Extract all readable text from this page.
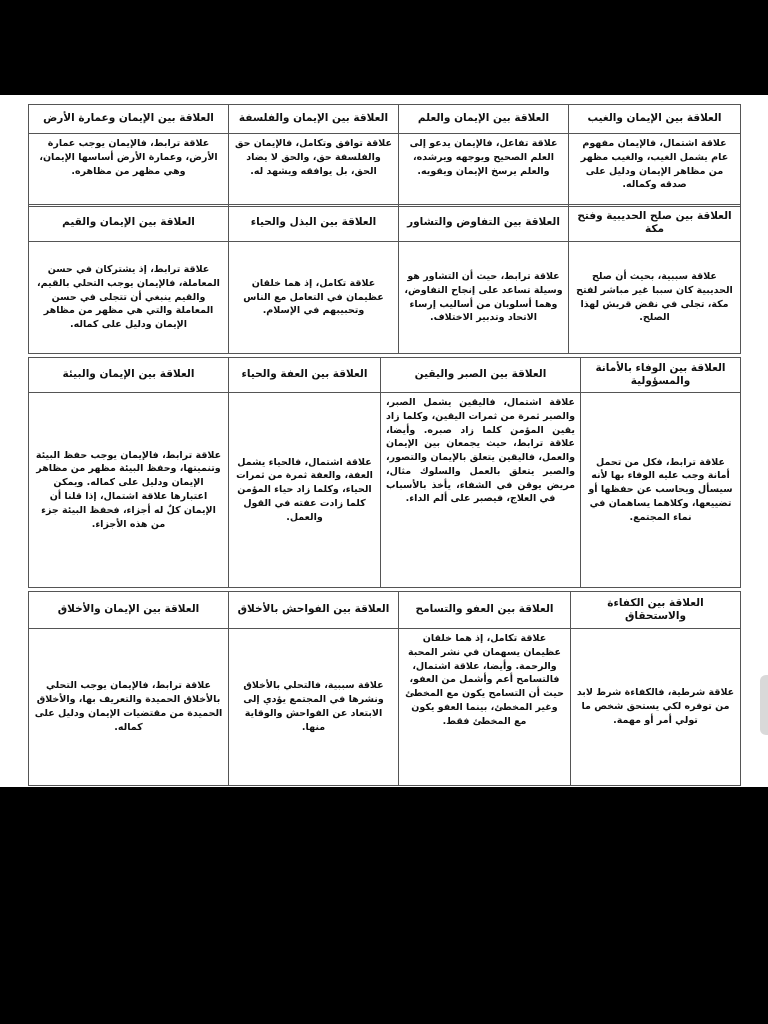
العلاقة بين الإيمان والغيب	العلاقة بين الإيمان والعلم	العلاقة بين الإيمان والفلسفة	العلاقة بين الإيمان وعمارة الأرض
علاقة اشتمال، فالإيمان مفهوم عام يشمل الغيب، والغيب مظهر من مظاهر الإيمان ودليل على صدقه وكماله.	علاقة تفاعل، فالإيمان يدعو إلى العلم الصحيح ويوجهه ويرشده، والعلم يرسخ الإيمان ويقويه.	علاقة توافق وتكامل، فالإيمان حق والفلسفة حق، والحق لا يضاد الحق، بل يوافقه ويشهد له.	علاقة ترابط، فالإيمان يوجب عمارة الأرض، وعمارة الأرض أساسها الإيمان، وهي مظهر من مظاهره.
العلاقة بين صلح الحديبية وفتح مكة	العلاقة بين التفاوض والتشاور	العلاقة بين البذل والحياء	العلاقة بين الإيمان والقيم
علاقة سببية، بحيث أن صلح الحديبية كان سببا غير مباشر لفتح مكة، تجلى في نقض قريش لهذا الصلح.	علاقة ترابط، حيث أن التشاور هو وسيلة تساعد على إنجاح التفاوض، وهما أسلوبان من أساليب إرساء الاتحاد وتدبير الاختلاف.	علاقة تكامل، إذ هما خلقان عظيمان في التعامل مع الناس وتحبيبهم في الإسلام.	علاقة ترابط، إذ يشتركان في حسن المعاملة، فالإيمان يوجب التحلي بالقيم، والقيم ينبغي أن تتجلى في حسن المعاملة والتي هي مظهر من مظاهر الإيمان ودليل على كماله.
العلاقة بين الوفاء بالأمانة والمسؤولية	العلاقة بين الصبر واليقين	العلاقة بين العفة والحياء	العلاقة بين الإيمان والبيئة
علاقة ترابط، فكل من تحمل أمانة وجب عليه الوفاء بها لأنه سيسأل ويحاسب عن حفظها أو تضييعها، وكلاهما يساهمان في نماء المجتمع.	علاقة اشتمال، فاليقين يشمل الصبر، والصبر ثمرة من ثمرات اليقين، وكلما زاد يقين المؤمن كلما زاد صبره. وأيضا، علاقة ترابط، حيث يجمعان بين الإيمان والعمل، فاليقين يتعلق بالإيمان والتصور، والصبر يتعلق بالعمل والسلوك مثال، مريض يوقن في الشفاء، يأخذ بالأسباب في العلاج، فيصبر على ألم الداء.	علاقة اشتمال، فالحياء يشمل العفة، والعفة ثمرة من ثمرات الحياء، وكلما زاد حياء المؤمن كلما زادت عفته في القول والعمل.	علاقة ترابط، فالإيمان يوجب حفظ البيئة وتنميتها، وحفظ البيئة مظهر من مظاهر الإيمان ودليل على كماله. ويمكن اعتبارها علاقة اشتمال، إذا قلنا أن الإيمان كلٌ له أجزاء، فحفظ البيئة جزء من هذه الأجزاء.
العلاقة بين الكفاءة والاستحقاق	العلاقة بين العفو والتسامح	العلاقة بين الفواحش بالأخلاق	العلاقة بين الإيمان والأخلاق
علاقة شرطية، فالكفاءة شرط لابد من توفره لكي يستحق شخص ما تولي أمر أو مهمة.	علاقة تكامل، إذ هما خلقان عظيمان يسهمان في نشر المحبة والرحمة. وأيضا، علاقة اشتمال، فالتسامح أعم وأشمل من العفو، حيث أن التسامح يكون مع المخطئ وغير المخطئ، بينما العفو يكون مع المخطئ فقط.	علاقة سببية، فالتحلي بالأخلاق ونشرها في المجتمع يؤدي إلى الابتعاد عن الفواحش والوقاية منها.	علاقة ترابط، فالإيمان يوجب التحلي بالأخلاق الحميدة والتعريف بها، والأخلاق الحميدة من مقتضيات الإيمان ودليل على كماله.
